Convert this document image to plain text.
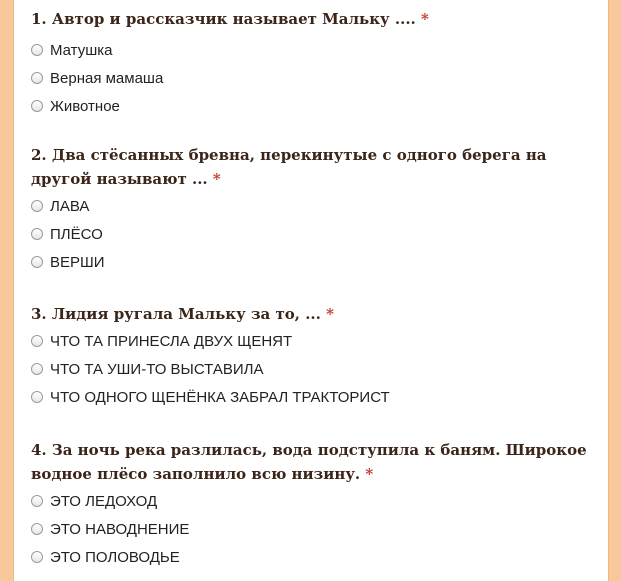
1. Автор и рассказчик называет Мальку .... *

Матушка
Верная мамаша
Животное

2. Два стёсанных бревна, перекинутые с одного берега на другой называют ... *

ЛАВА
ПЛЁСО
ВЕРШИ

3. Лидия ругала Мальку за то, ... *

ЧТО ТА ПРИНЕСЛА ДВУХ ЩЕНЯТ
ЧТО ТА УШИ-ТО ВЫСТАВИЛА
ЧТО ОДНОГО ЩЕНЁНКА ЗАБРАЛ ТРАКТОРИСТ

4. За ночь река разлилась, вода подступила к баням. Широкое водное плёсо заполнило всю низину. *

ЭТО ЛЕДОХОД
ЭТО НАВОДНЕНИЕ
ЭТО ПОЛОВОДЬЕ
